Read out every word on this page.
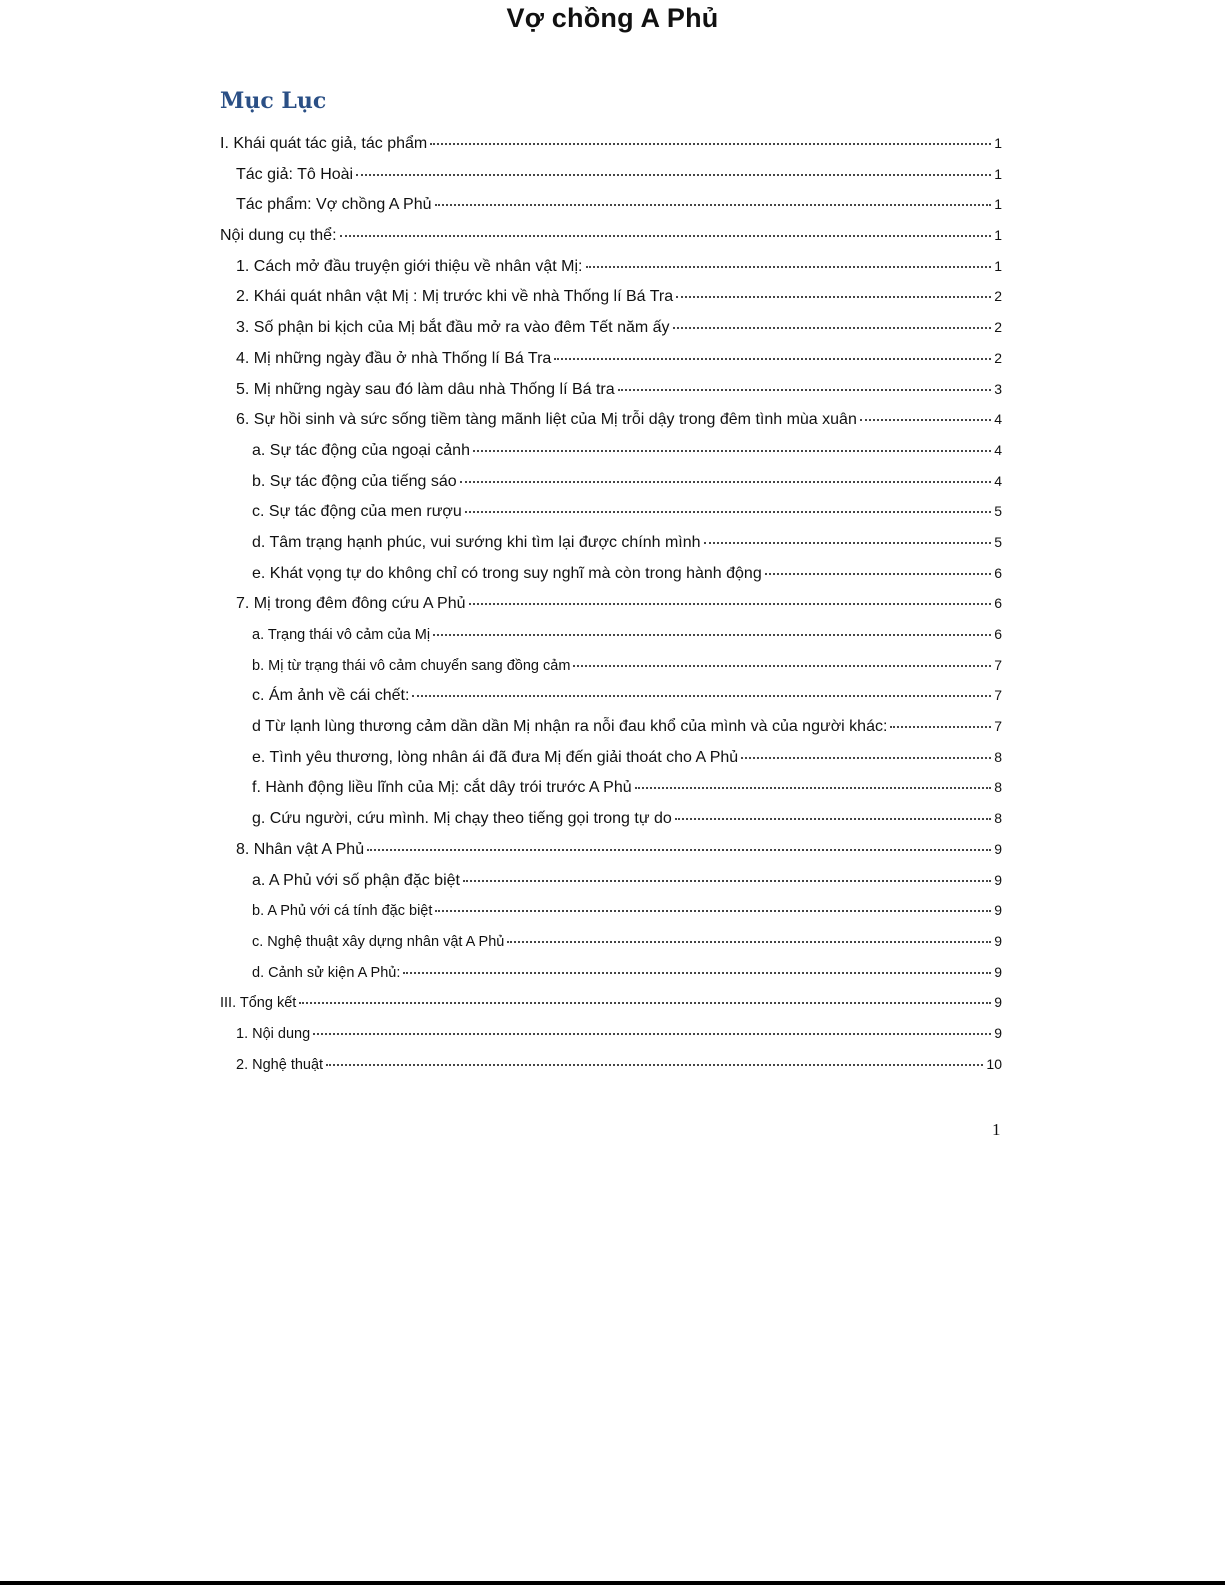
Vợ chồng A Phủ
Mục Lục
I. Khái quát tác giả, tác phẩm	1
Tác giả: Tô Hoài	1
Tác phẩm: Vợ chồng A Phủ	1
Nội dung cụ thể:	1
1. Cách mở đầu truyện giới thiệu về nhân vật Mị:	1
2. Khái quát nhân vật Mị : Mị trước khi về nhà Thống lí Bá Tra	2
3. Số phận bi kịch của Mị bắt đầu mở ra vào đêm Tết năm ấy	2
4. Mị những ngày đầu ở nhà Thống lí Bá Tra	2
5. Mị những ngày sau đó làm dâu nhà Thống lí Bá tra	3
6. Sự hồi sinh và sức sống tiềm tàng mãnh liệt của Mị trỗi dậy trong đêm tình mùa xuân	4
a. Sự tác động của ngoại cảnh	4
b. Sự tác động của tiếng sáo	4
c. Sự tác động của men rượu	5
d. Tâm trạng hạnh phúc, vui sướng khi tìm lại được chính mình	5
e. Khát vọng tự do không chỉ có trong suy nghĩ mà còn trong hành động	6
7. Mị trong đêm đông cứu A Phủ	6
a. Trạng thái vô cảm của Mị	6
b. Mị từ trạng thái vô cảm chuyển sang đồng cảm	7
c. Ám ảnh về cái chết:	7
d Từ lạnh lùng thương cảm dần dần Mị nhận ra nỗi đau khổ của mình và của người khác:	7
e. Tình yêu thương, lòng nhân ái đã đưa Mị đến giải thoát cho A Phủ	8
f. Hành động liều lĩnh của Mị: cắt dây trói trước A Phủ	8
g. Cứu người, cứu mình. Mị chạy theo tiếng gọi trong tự do	8
8. Nhân vật A Phủ	9
a. A Phủ với số phận đặc biệt	9
b. A Phủ với cá tính đặc biệt	9
c. Nghệ thuật xây dựng nhân vật A Phủ	9
d. Cảnh sử kiện A Phủ:	9
III. Tổng kết	9
1. Nội dung	9
2. Nghệ thuật	10
1
